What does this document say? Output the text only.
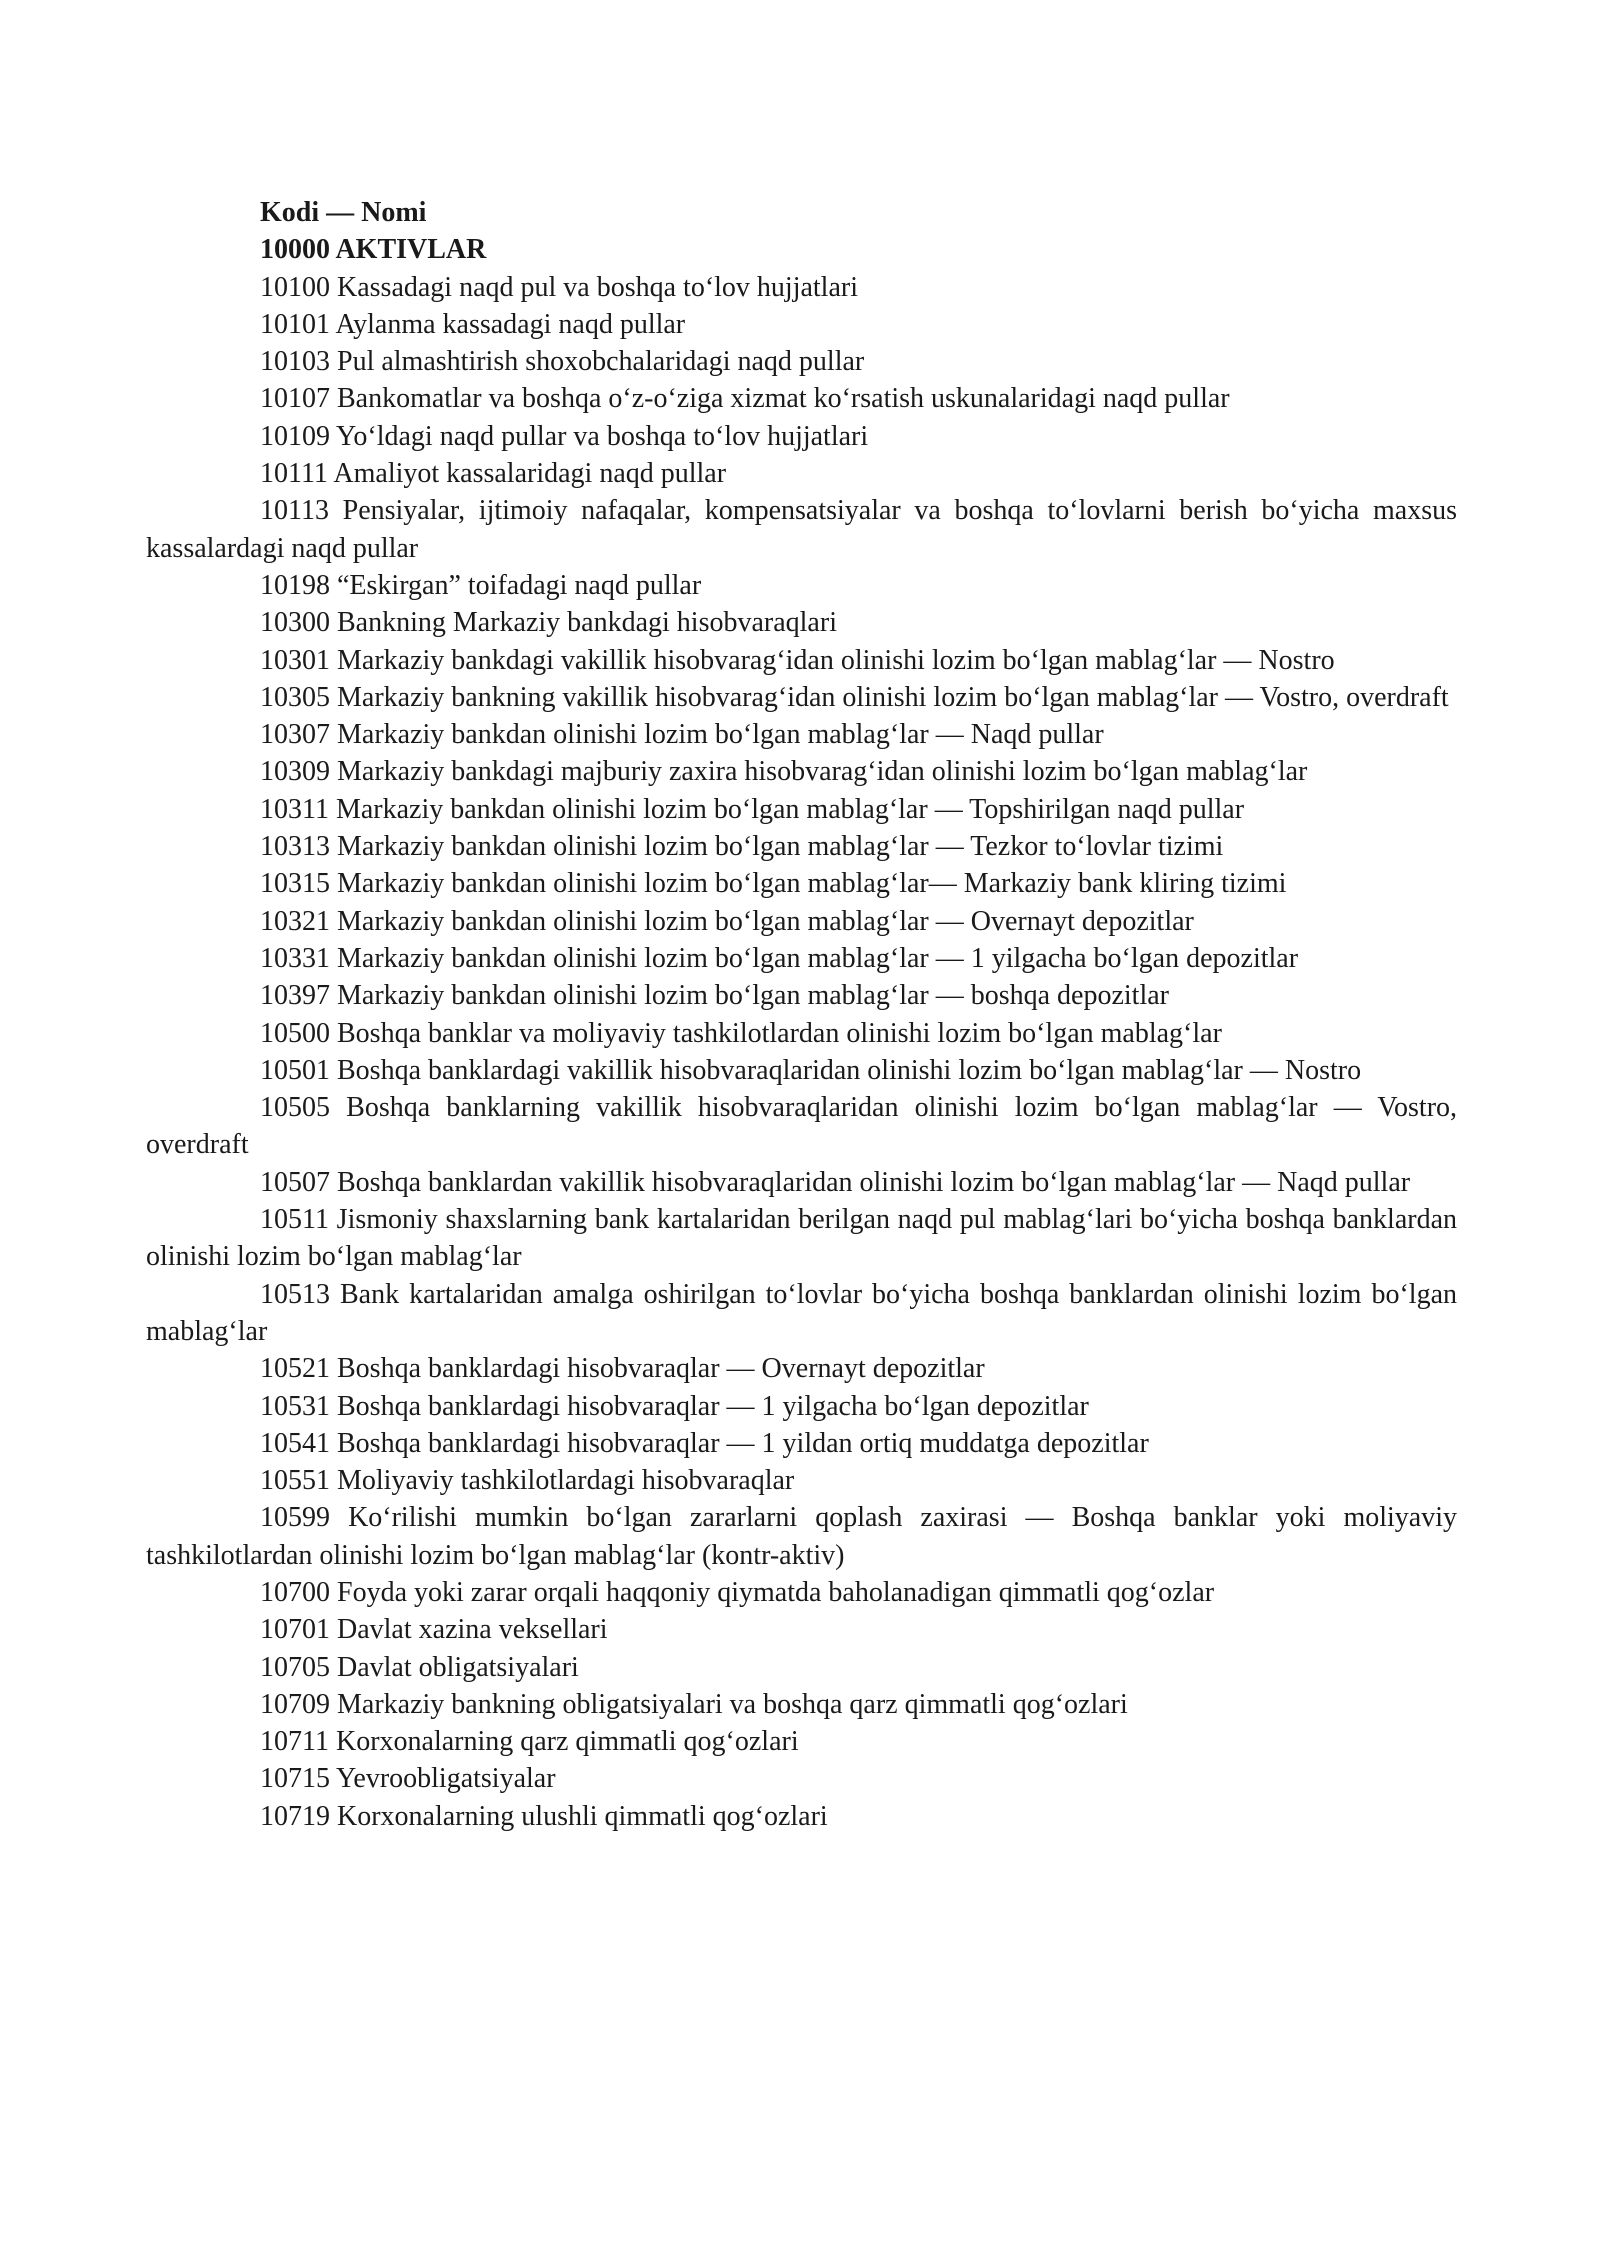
Kodi — Nomi

10000 AKTIVLAR

10100 Kassadagi naqd pul va boshqa to‘lov hujjatlari

10101 Aylanma kassadagi naqd pullar

10103 Pul almashtirish shoxobchalaridagi naqd pullar

10107 Bankomatlar va boshqa o‘z-o‘ziga xizmat ko‘rsatish uskunalaridagi naqd pullar

10109 Yo‘ldagi naqd pullar va boshqa to‘lov hujjatlari

10111 Amaliyot kassalaridagi naqd pullar

10113 Pensiyalar, ijtimoiy nafaqalar, kompensatsiyalar va boshqa to‘lovlarni berish bo‘yicha maxsus kassalardagi naqd pullar

10198 “Eskirgan” toifadagi naqd pullar

10300 Bankning Markaziy bankdagi hisobvaraqlari

10301 Markaziy bankdagi vakillik hisobvarag‘idan olinishi lozim bo‘lgan mablag‘lar — Nostro

10305 Markaziy bankning vakillik hisobvarag‘idan olinishi lozim bo‘lgan mablag‘lar — Vostro, overdraft

10307 Markaziy bankdan olinishi lozim bo‘lgan mablag‘lar — Naqd pullar

10309 Markaziy bankdagi majburiy zaxira hisobvarag‘idan olinishi lozim bo‘lgan mablag‘lar

10311 Markaziy bankdan olinishi lozim bo‘lgan mablag‘lar — Topshirilgan naqd pullar

10313 Markaziy bankdan olinishi lozim bo‘lgan mablag‘lar — Tezkor to‘lovlar tizimi

10315 Markaziy bankdan olinishi lozim bo‘lgan mablag‘lar— Markaziy bank kliring tizimi

10321 Markaziy bankdan olinishi lozim bo‘lgan mablag‘lar — Overnayt depozitlar

10331 Markaziy bankdan olinishi lozim bo‘lgan mablag‘lar — 1 yilgacha bo‘lgan depozitlar

10397 Markaziy bankdan olinishi lozim bo‘lgan mablag‘lar — boshqa depozitlar

10500 Boshqa banklar va moliyaviy tashkilotlardan olinishi lozim bo‘lgan mablag‘lar

10501 Boshqa banklardagi vakillik hisobvaraqlaridan olinishi lozim bo‘lgan mablag‘lar — Nostro

10505 Boshqa banklarning vakillik hisobvaraqlaridan olinishi lozim bo‘lgan mablag‘lar — Vostro, overdraft

10507 Boshqa banklardan vakillik hisobvaraqlaridan olinishi lozim bo‘lgan mablag‘lar — Naqd pullar

10511 Jismoniy shaxslarning bank kartalaridan berilgan naqd pul mablag‘lari bo‘yicha boshqa banklardan olinishi lozim bo‘lgan mablag‘lar

10513 Bank kartalaridan amalga oshirilgan to‘lovlar bo‘yicha boshqa banklardan olinishi lozim bo‘lgan mablag‘lar

10521 Boshqa banklardagi hisobvaraqlar — Overnayt depozitlar

10531 Boshqa banklardagi hisobvaraqlar — 1 yilgacha bo‘lgan depozitlar

10541 Boshqa banklardagi hisobvaraqlar — 1 yildan ortiq muddatga depozitlar

10551 Moliyaviy tashkilotlardagi hisobvaraqlar

10599 Ko‘rilishi mumkin bo‘lgan zararlarni qoplash zaxirasi — Boshqa banklar yoki moliyaviy tashkilotlardan olinishi lozim bo‘lgan mablag‘lar (kontr-aktiv)

10700 Foyda yoki zarar orqali haqqoniy qiymatda baholanadigan qimmatli qog‘ozlar

10701 Davlat xazina veksellari

10705 Davlat obligatsiyalari

10709 Markaziy bankning obligatsiyalari va boshqa qarz qimmatli qog‘ozlari

10711 Korxonalarning qarz qimmatli qog‘ozlari

10715 Yevroobligatsiyalar

10719 Korxonalarning ulushli qimmatli qog‘ozlari
